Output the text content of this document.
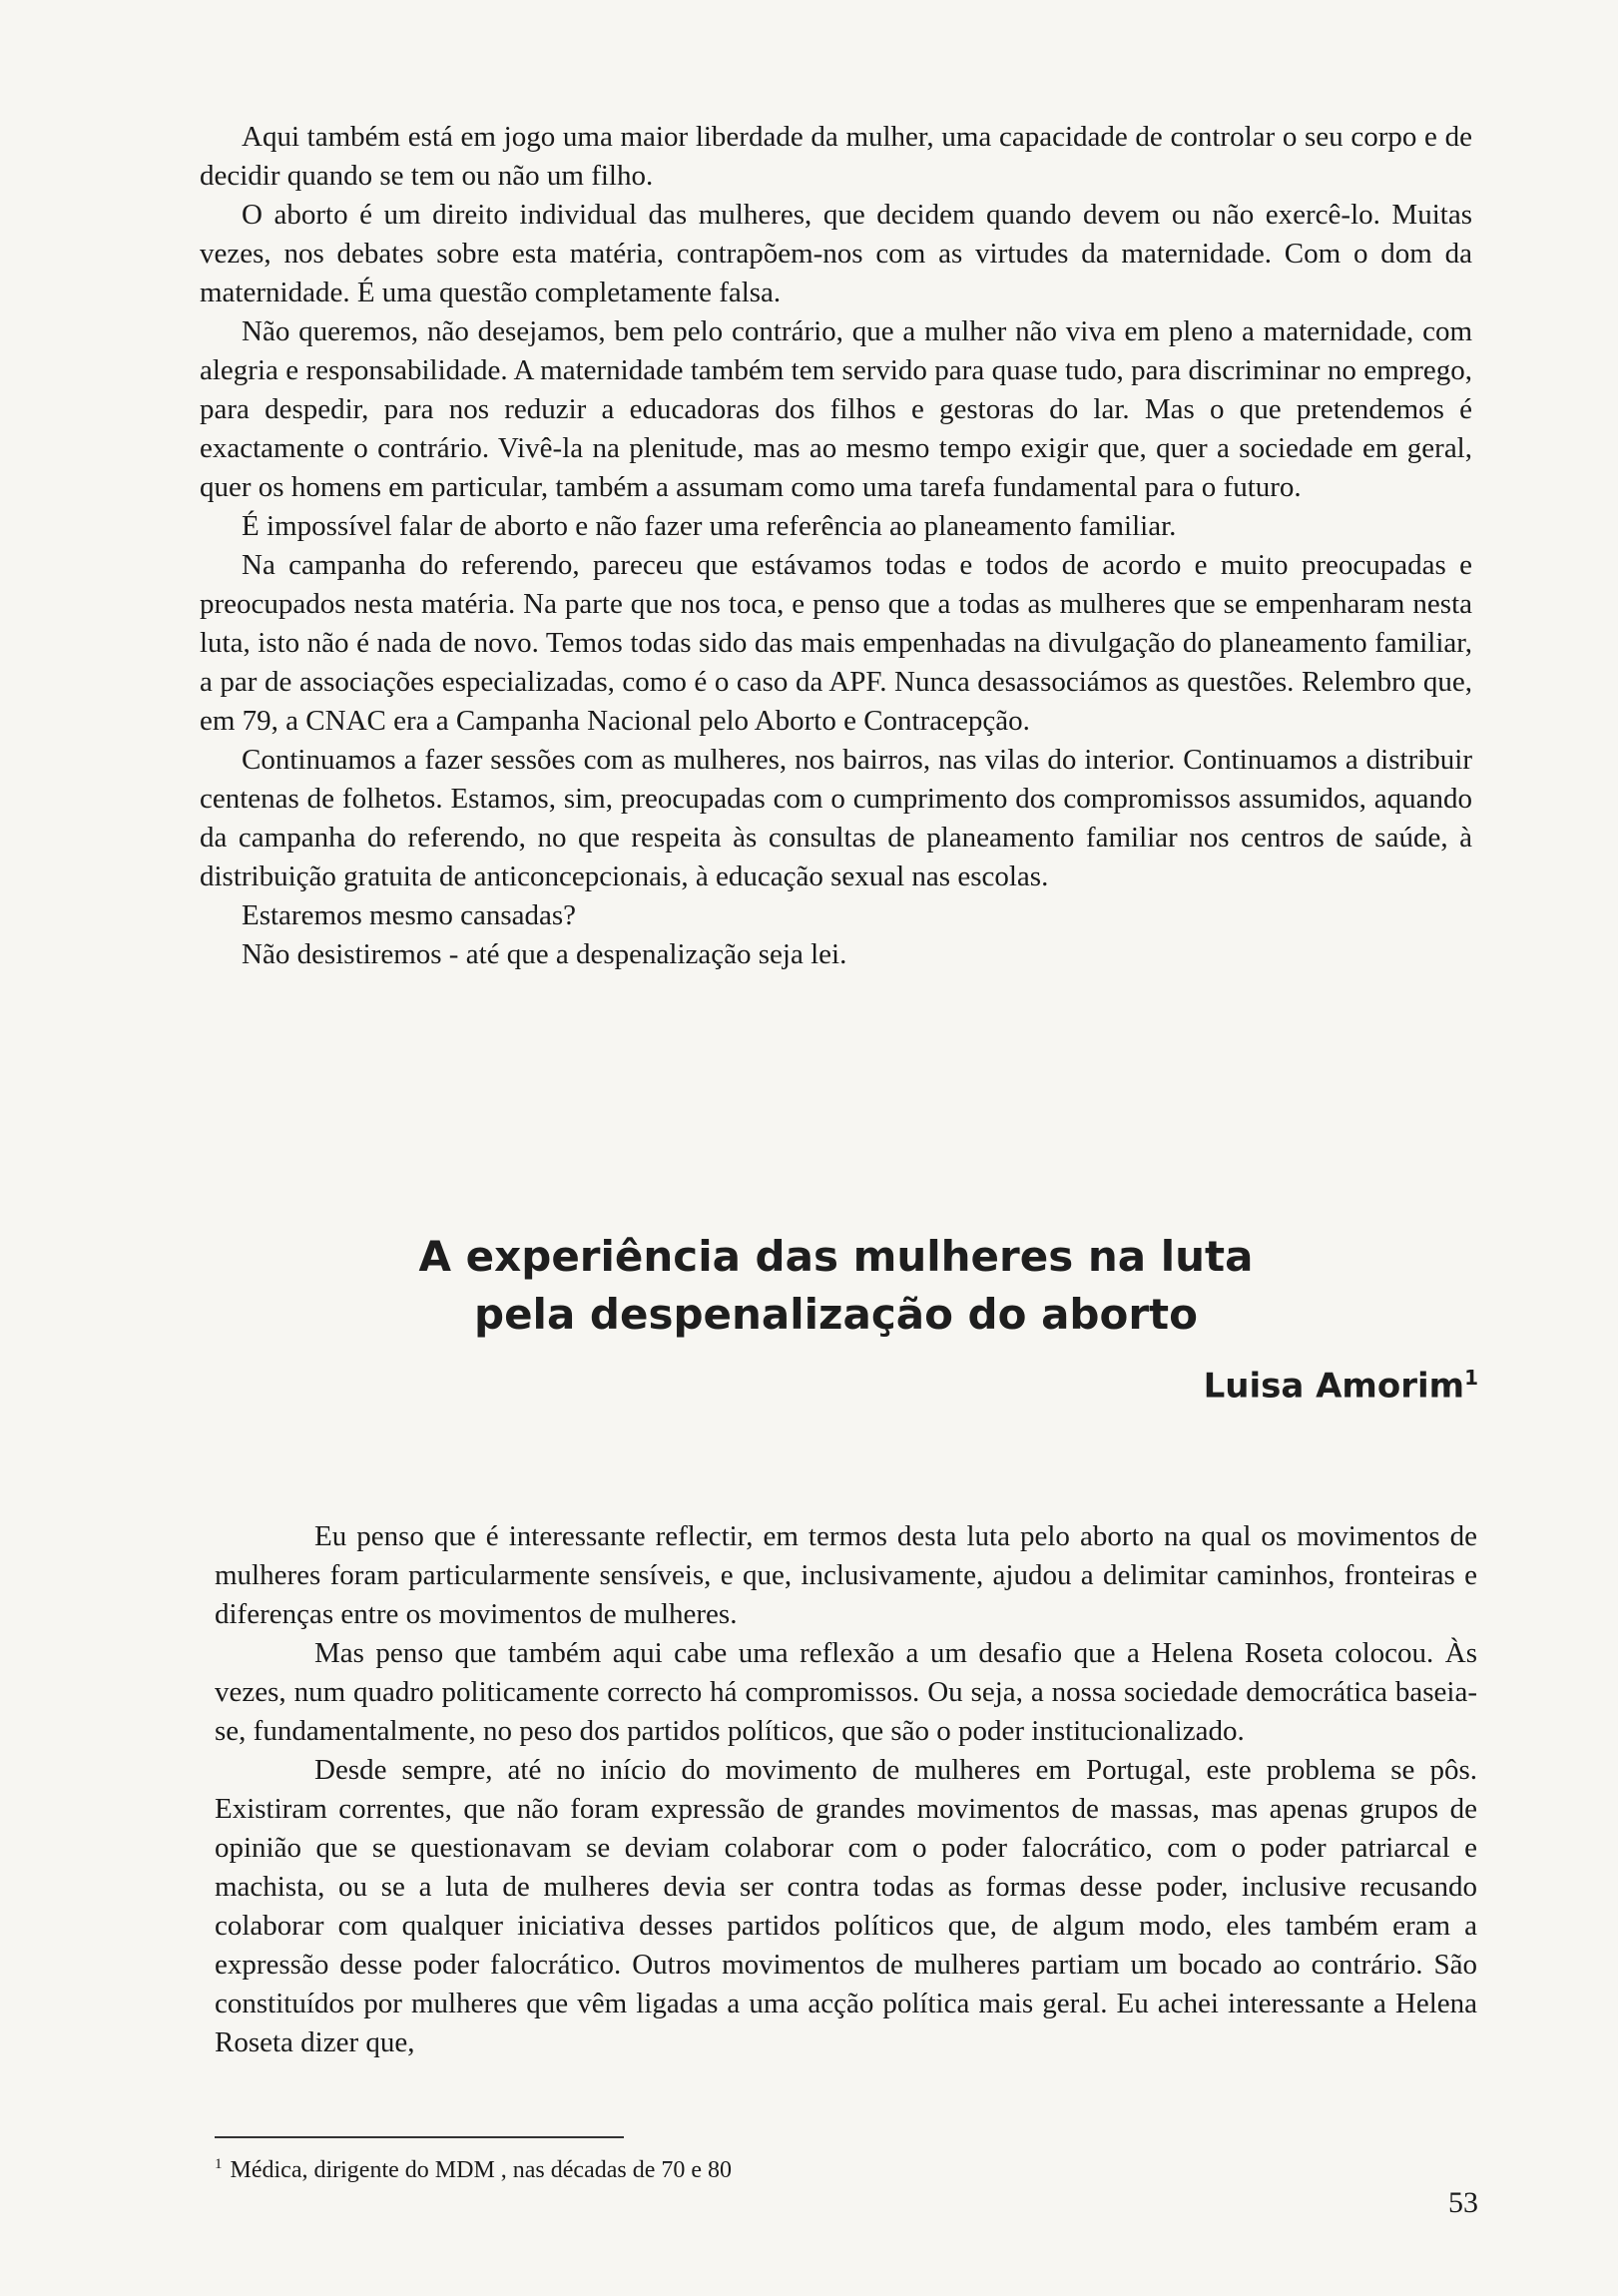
Aqui também está em jogo uma maior liberdade da mulher, uma capacidade de controlar o seu corpo e de decidir quando se tem ou não um filho.

O aborto é um direito individual das mulheres, que decidem quando devem ou não exercê-lo. Muitas vezes, nos debates sobre esta matéria, contrapõem-nos com as virtudes da maternidade. Com o dom da maternidade. É uma questão completamente falsa.

Não queremos, não desejamos, bem pelo contrário, que a mulher não viva em pleno a maternidade, com alegria e responsabilidade. A maternidade também tem servido para quase tudo, para discriminar no emprego, para despedir, para nos reduzir a educadoras dos filhos e gestoras do lar. Mas o que pretendemos é exactamente o contrário. Vivê-la na plenitude, mas ao mesmo tempo exigir que, quer a sociedade em geral, quer os homens em particular, também a assumam como uma tarefa fundamental para o futuro.

É impossível falar de aborto e não fazer uma referência ao planeamento familiar.

Na campanha do referendo, pareceu que estávamos todas e todos de acordo e muito preocupadas e preocupados nesta matéria. Na parte que nos toca, e penso que a todas as mulheres que se empenharam nesta luta, isto não é nada de novo. Temos todas sido das mais empenhadas na divulgação do planeamento familiar, a par de associações especializadas, como é o caso da APF. Nunca desassociámos as questões. Relembro que, em 79, a CNAC era a Campanha Nacional pelo Aborto e Contracepção.

Continuamos a fazer sessões com as mulheres, nos bairros, nas vilas do interior. Continuamos a distribuir centenas de folhetos. Estamos, sim, preocupadas com o cumprimento dos compromissos assumidos, aquando da campanha do referendo, no que respeita às consultas de planeamento familiar nos centros de saúde, à distribuição gratuita de anticoncepcionais, à educação sexual nas escolas.

Estaremos mesmo cansadas?

Não desistiremos - até que a despenalização seja lei.

A experiência das mulheres na luta
pela despenalização do aborto
Luisa Amorim$^1$

Eu penso que é interessante reflectir, em termos desta luta pelo aborto na qual os movimentos de mulheres foram particularmente sensíveis, e que, inclusivamente, ajudou a delimitar caminhos, fronteiras e diferenças entre os movimentos de mulheres.

Mas penso que também aqui cabe uma reflexão a um desafio que a Helena Roseta colocou. Às vezes, num quadro politicamente correcto há compromissos. Ou seja, a nossa sociedade democrática baseia-se, fundamentalmente, no peso dos partidos políticos, que são o poder institucionalizado.

Desde sempre, até no início do movimento de mulheres em Portugal, este problema se pôs. Existiram correntes, que não foram expressão de grandes movimentos de massas, mas apenas grupos de opinião que se questionavam se deviam colaborar com o poder falocrático, com o poder patriarcal e machista, ou se a luta de mulheres devia ser contra todas as formas desse poder, inclusive recusando colaborar com qualquer iniciativa desses partidos políticos que, de algum modo, eles também eram a expressão desse poder falocrático. Outros movimentos de mulheres partiam um bocado ao contrário. São constituídos por mulheres que vêm ligadas a uma acção política mais geral. Eu achei interessante a Helena Roseta dizer que,

$^1$ Médica, dirigente do MDM , nas décadas de 70 e 80
53
